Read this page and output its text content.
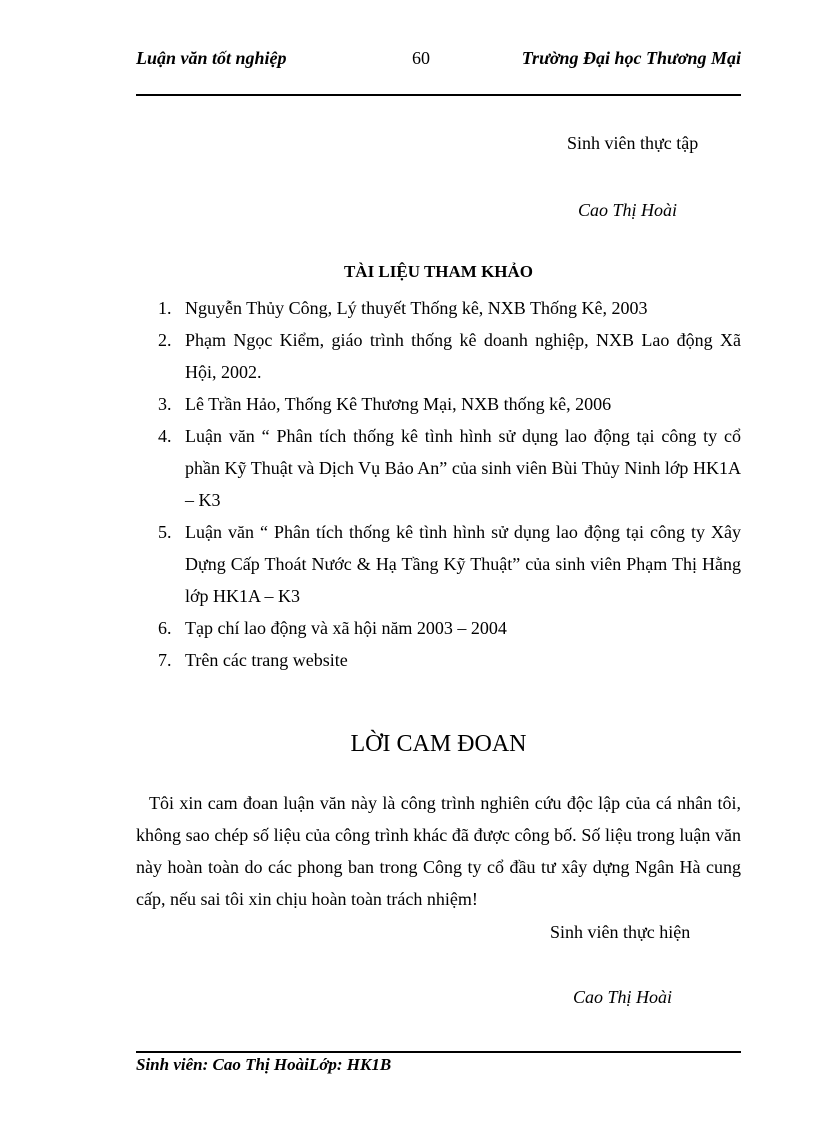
Luận văn tốt nghiệp	60	Trường Đại học Thương Mại
Sinh viên thực tập
Cao Thị Hoài
TÀI LIỆU THAM KHẢO
1. Nguyễn Thủy Công, Lý thuyết Thống kê, NXB Thống Kê, 2003
2. Phạm Ngọc Kiểm, giáo trình thống kê doanh nghiệp, NXB Lao động Xã Hội, 2002.
3. Lê Trần Hảo, Thống Kê Thương Mại, NXB thống kê, 2006
4. Luận văn “ Phân tích thống kê tình hình sử dụng lao động tại công ty cổ phần Kỹ Thuật và Dịch Vụ Bảo An” của sinh viên Bùi Thủy Ninh lớp HK1A – K3
5. Luận văn “ Phân tích thống kê tình hình sử dụng lao động tại công ty Xây Dựng Cấp Thoát Nước & Hạ Tầng Kỹ Thuật” của sinh viên Phạm Thị Hằng lớp HK1A – K3
6. Tạp chí lao động và xã hội năm 2003 – 2004
7. Trên các trang website
LỜI CAM ĐOAN

Tôi xin cam đoan luận văn này là công trình nghiên cứu độc lập của cá nhân tôi, không sao chép số liệu của công trình khác đã được công bố. Số liệu trong luận văn này hoàn toàn do các phong ban trong Công ty cổ đầu tư xây dựng Ngân Hà cung cấp, nếu sai tôi xin chịu hoàn toàn trách nhiệm!

Sinh viên thực hiện
Cao Thị Hoài
Sinh viên: Cao Thị HoàiLớp: HK1B
